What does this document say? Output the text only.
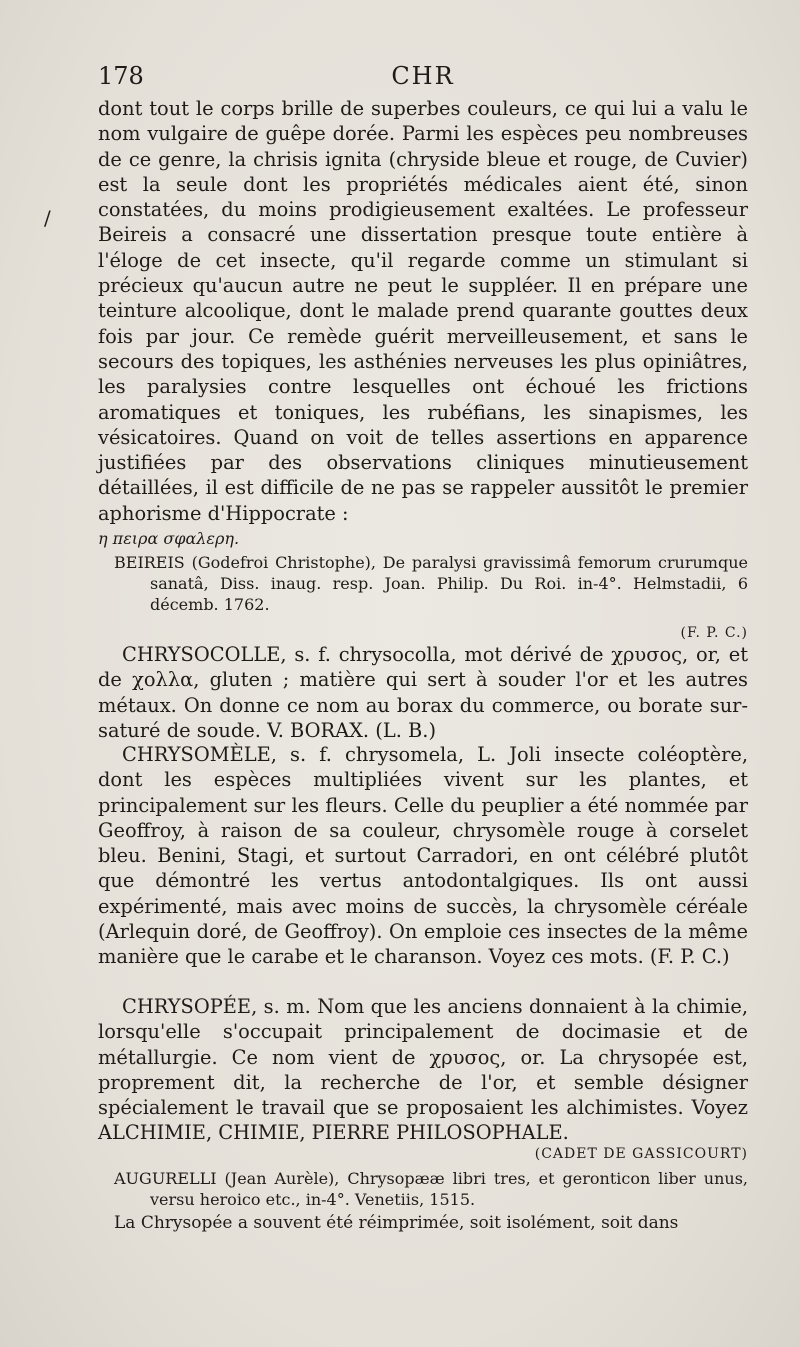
178	CHR
/

dont tout le corps brille de superbes couleurs, ce qui lui a valu le nom vulgaire de guêpe dorée. Parmi les espèces peu nombreuses de ce genre, la chrisis ignita (chryside bleue et rouge, de Cuvier) est la seule dont les propriétés médicales aient été, sinon constatées, du moins prodigieusement exaltées. Le professeur Beireis a consacré une dissertation presque toute entière à l'éloge de cet insecte, qu'il regarde comme un stimulant si précieux qu'aucun autre ne peut le suppléer. Il en prépare une teinture alcoolique, dont le malade prend quarante gouttes deux fois par jour. Ce remède guérit merveilleusement, et sans le secours des topiques, les asthénies nerveuses les plus opiniâtres, les paralysies contre lesquelles ont échoué les frictions aromatiques et toniques, les rubéfians, les sinapismes, les vésicatoires. Quand on voit de telles assertions en apparence justifiées par des observations cliniques minutieusement détaillées, il est difficile de ne pas se rappeler aussitôt le premier aphorisme d'Hippocrate :

η πειρα σφαλερη.

BEIREIS (Godefroi Christophe), De paralysi gravissimâ femorum crurumque sanatâ, Diss. inaug. resp. Joan. Philip. Du Roi. in-4°. Helmstadii, 6 décemb. 1762.

(F. P. C.)

CHRYSOCOLLE, s. f. chrysocolla, mot dérivé de χρυσος, or, et de χολλα, gluten ; matière qui sert à souder l'or et les autres métaux. On donne ce nom au borax du commerce, ou borate sur-saturé de soude. V. BORAX. (L. B.)

CHRYSOMÈLE, s. f. chrysomela, L. Joli insecte coléoptère, dont les espèces multipliées vivent sur les plantes, et principalement sur les fleurs. Celle du peuplier a été nommée par Geoffroy, à raison de sa couleur, chrysomèle rouge à corselet bleu. Benini, Stagi, et surtout Carradori, en ont célébré plutôt que démontré les vertus antodontalgiques. Ils ont aussi expérimenté, mais avec moins de succès, la chrysomèle céréale (Arlequin doré, de Geoffroy). On emploie ces insectes de la même manière que le carabe et le charanson. Voyez ces mots. (F. P. C.)

CHRYSOPÉE, s. m. Nom que les anciens donnaient à la chimie, lorsqu'elle s'occupait principalement de docimasie et de métallurgie. Ce nom vient de χρυσος, or. La chrysopée est, proprement dit, la recherche de l'or, et semble désigner spécialement le travail que se proposaient les alchimistes. Voyez ALCHIMIE, CHIMIE, PIERRE PHILOSOPHALE.

(CADET DE GASSICOURT)

AUGURELLI (Jean Aurèle), Chrysopææ libri tres, et geronticon liber unus, versu heroico etc., in-4°. Venetiis, 1515.

La Chrysopée a souvent été réimprimée, soit isolément, soit dans
